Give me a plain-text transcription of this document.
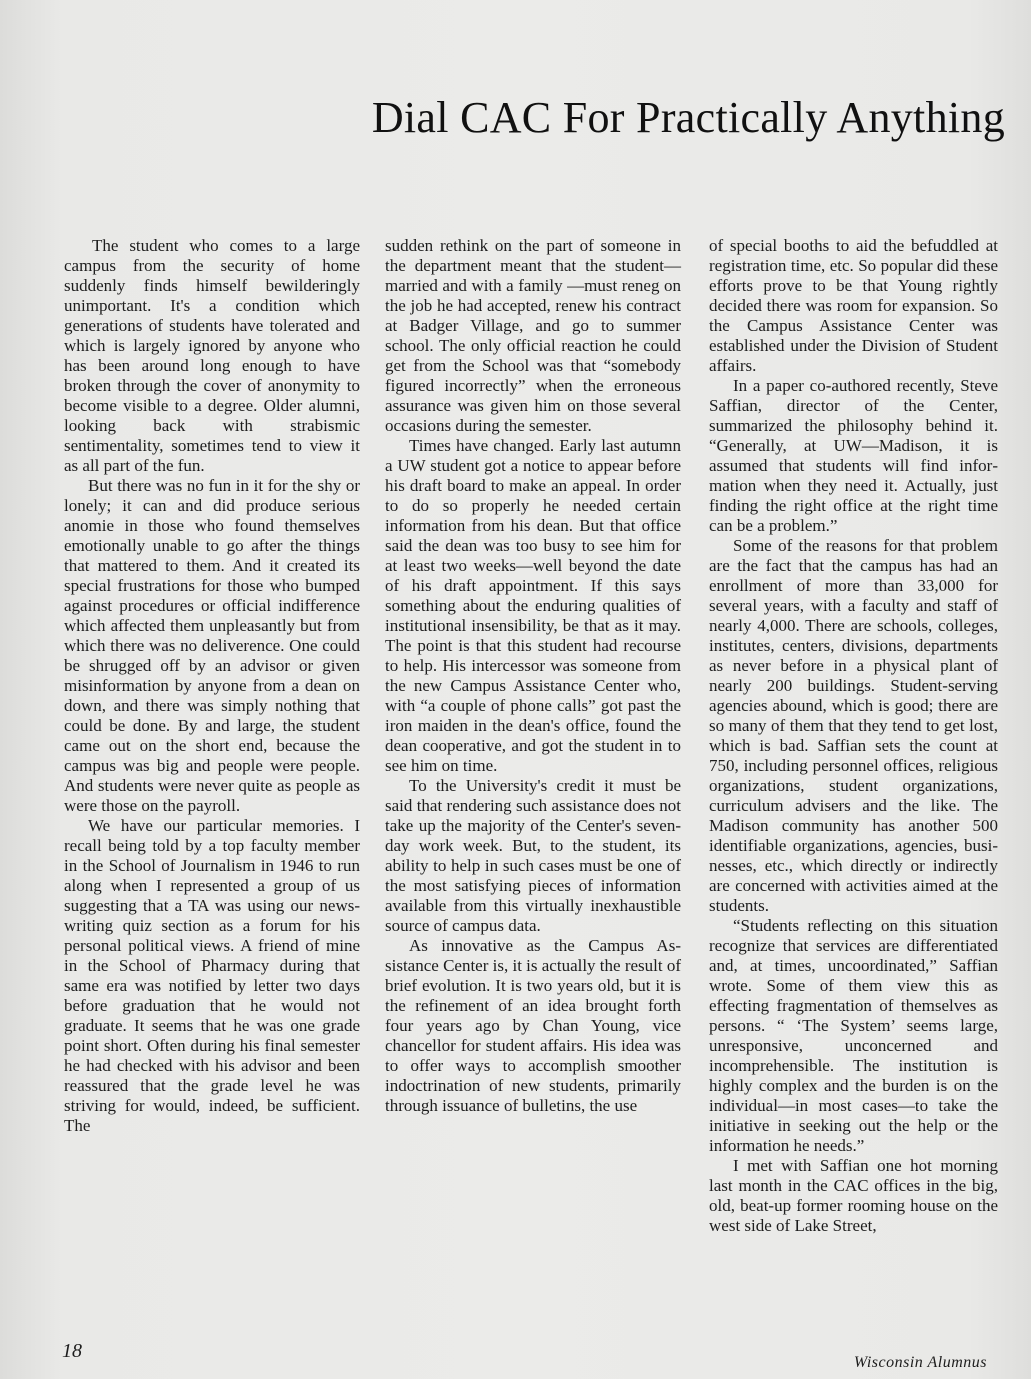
Dial CAC For Practically Anything

The student who comes to a large campus from the security of home suddenly finds himself bewilderingly unimportant. It's a condition which generations of students have tolerated and which is largely ignored by anyone who has been around long enough to have broken through the cover of anonymity to become visible to a degree. Older alumni, looking back with strabismic sentimentality, sometimes tend to view it as all part of the fun.

But there was no fun in it for the shy or lonely; it can and did produce serious anomie in those who found themselves emotionally unable to go after the things that mattered to them. And it created its special frustrations for those who bumped against procedures or official indifference which affected them unpleasantly but from which there was no deliverence. One could be shrugged off by an advisor or given misinformation by anyone from a dean on down, and there was simply nothing that could be done. By and large, the student came out on the short end, because the campus was big and people were people. And students were never quite as people as were those on the payroll.

We have our particular memories. I recall being told by a top faculty member in the School of Journalism in 1946 to run along when I represented a group of us suggesting that a TA was using our news-writing quiz section as a forum for his personal political views. A friend of mine in the School of Pharmacy during that same era was notified by letter two days before graduation that he would not graduate. It seems that he was one grade point short. Often during his final semester he had checked with his advisor and been reassured that the grade level he was striving for would, indeed, be sufficient. The

sudden rethink on the part of someone in the department meant that the student—married and with a family —must reneg on the job he had accepted, renew his contract at Badger Village, and go to summer school. The only official reaction he could get from the School was that “somebody figured incorrectly” when the erroneous assurance was given him on those several occasions during the semester.

Times have changed. Early last autumn a UW student got a notice to appear before his draft board to make an appeal. In order to do so properly he needed certain information from his dean. But that office said the dean was too busy to see him for at least two weeks—well beyond the date of his draft appointment. If this says something about the enduring qualities of institutional insensibility, be that as it may. The point is that this student had recourse to help. His intercessor was someone from the new Campus Assistance Center who, with “a couple of phone calls” got past the iron maiden in the dean's office, found the dean cooperative, and got the student in to see him on time.

To the University's credit it must be said that rendering such assistance does not take up the majority of the Center's seven-day work week. But, to the student, its ability to help in such cases must be one of the most satisfying pieces of information available from this virtually inexhaustible source of campus data.

As innovative as the Campus Assistance Center is, it is actually the result of brief evolution. It is two years old, but it is the refinement of an idea brought forth four years ago by Chan Young, vice chancellor for student affairs. His idea was to offer ways to accomplish smoother indoctrination of new students, primarily through issuance of bulletins, the use

of special booths to aid the befuddled at registration time, etc. So popular did these efforts prove to be that Young rightly decided there was room for expansion. So the Campus Assistance Center was established under the Division of Student affairs.

In a paper co-authored recently, Steve Saffian, director of the Center, summarized the philosophy behind it. “Generally, at UW—Madison, it is assumed that students will find information when they need it. Actually, just finding the right office at the right time can be a problem.”

Some of the reasons for that problem are the fact that the campus has had an enrollment of more than 33,000 for several years, with a faculty and staff of nearly 4,000. There are schools, colleges, institutes, centers, divisions, departments as never before in a physical plant of nearly 200 buildings. Student-serving agencies abound, which is good; there are so many of them that they tend to get lost, which is bad. Saffian sets the count at 750, including personnel offices, religious organizations, student organizations, curriculum advisers and the like. The Madison community has another 500 identifiable organizations, agencies, businesses, etc., which directly or indirectly are concerned with activities aimed at the students.

“Students reflecting on this situation recognize that services are differentiated and, at times, uncoordinated,” Saffian wrote. Some of them view this as effecting fragmentation of themselves as persons. “ ‘The System’ seems large, unresponsive, unconcerned and incomprehensible. The institution is highly complex and the burden is on the individual—in most cases—to take the initiative in seeking out the help or the information he needs.”

I met with Saffian one hot morning last month in the CAC offices in the big, old, beat-up former rooming house on the west side of Lake Street,

18
Wisconsin Alumnus
